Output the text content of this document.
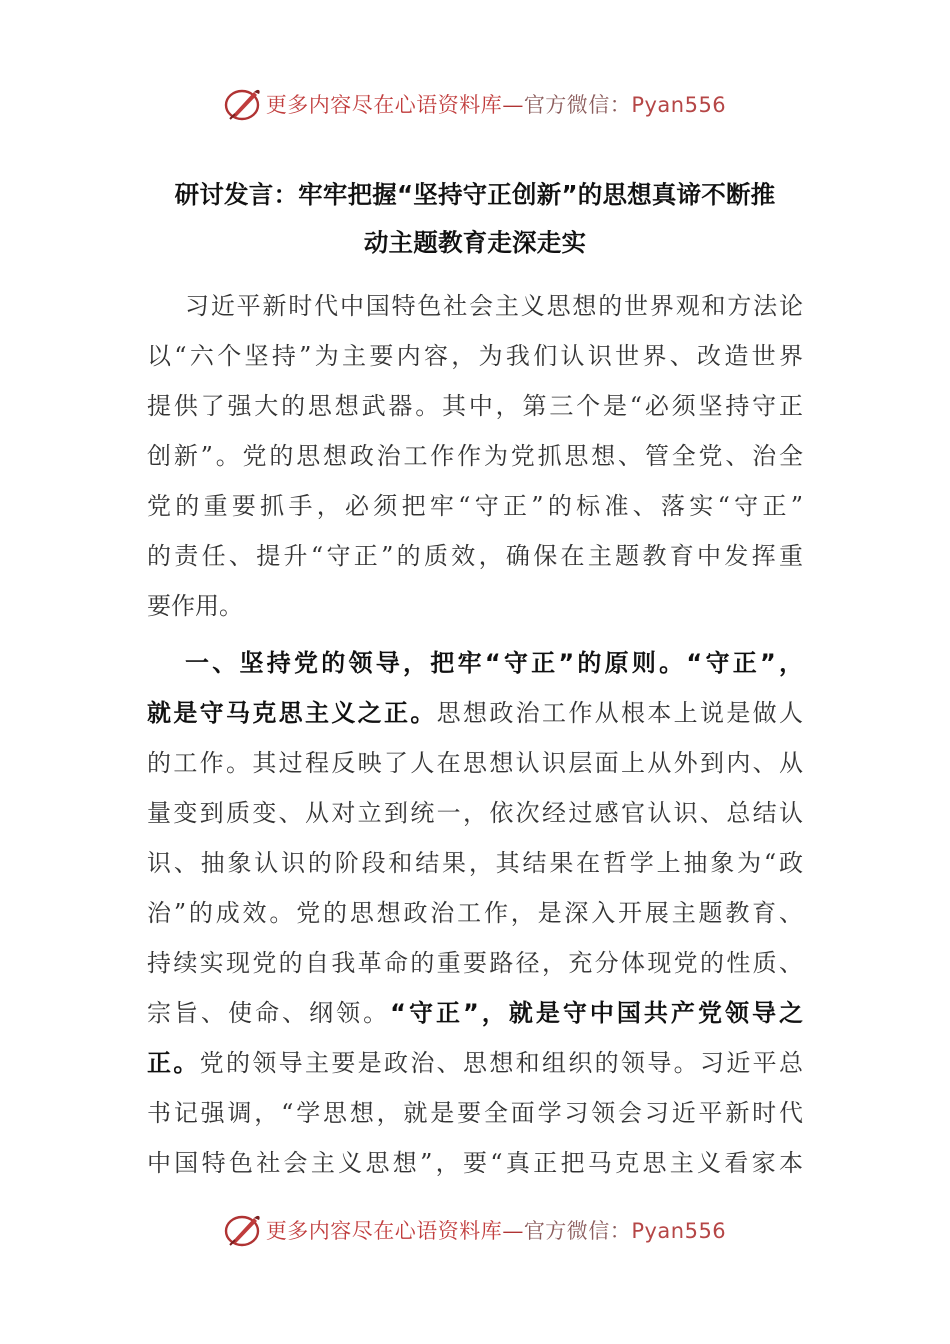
更多内容尽在心语资料库—官方微信：Pyan556
研讨发言：牢牢把握“坚持守正创新”的思想真谛不断推
动主题教育走深走实
习近平新时代中国特色社会主义思想的世界观和方法论
以“六个坚持”为主要内容，为我们认识世界、改造世界
提供了强大的思想武器。其中，第三个是“必须坚持守正
创新”。党的思想政治工作作为党抓思想、管全党、治全
党的重要抓手，必须把牢“守正”的标准、落实“守正”
的责任、提升“守正”的质效，确保在主题教育中发挥重
要作用。
一、坚持党的领导，把牢“守正”的原则。“守正”，
就是守马克思主义之正。思想政治工作从根本上说是做人
的工作。其过程反映了人在思想认识层面上从外到内、从
量变到质变、从对立到统一，依次经过感官认识、总结认
识、抽象认识的阶段和结果，其结果在哲学上抽象为“政
治”的成效。党的思想政治工作，是深入开展主题教育、
持续实现党的自我革命的重要路径，充分体现党的性质、
宗旨、使命、纲领。“守正”，就是守中国共产党领导之
正。党的领导主要是政治、思想和组织的领导。习近平总
书记强调，“学思想，就是要全面学习领会习近平新时代
中国特色社会主义思想”，要“真正把马克思主义看家本
更多内容尽在心语资料库—官方微信：Pyan556
